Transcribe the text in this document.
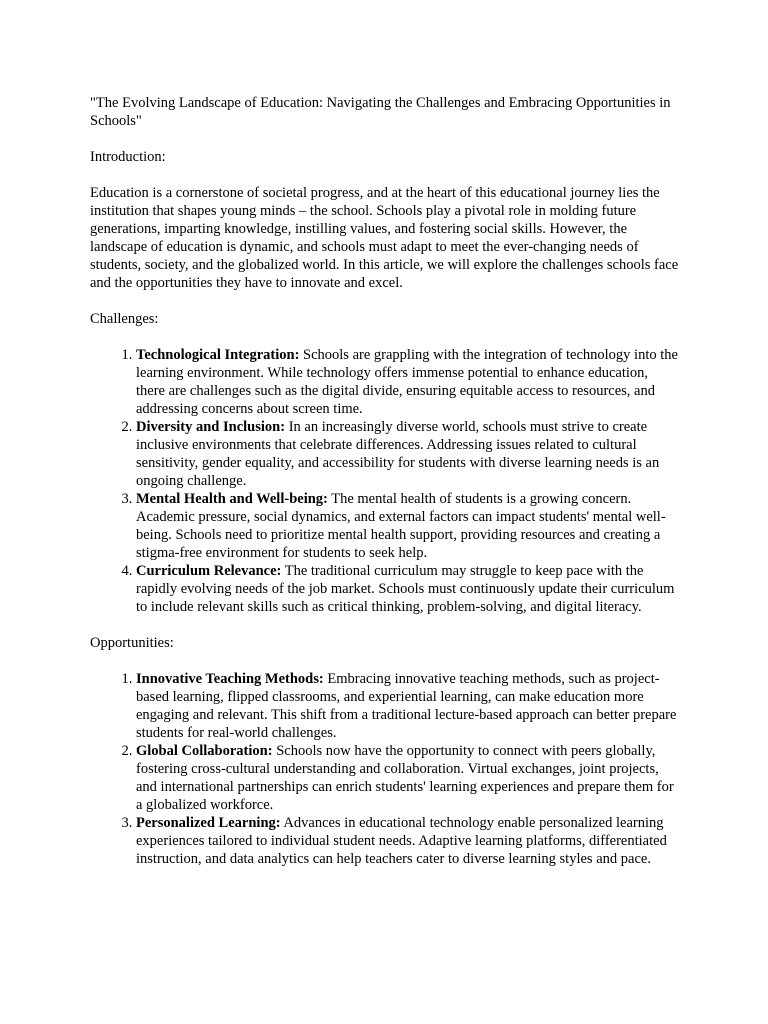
"The Evolving Landscape of Education: Navigating the Challenges and Embracing Opportunities in Schools"

Introduction:

Education is a cornerstone of societal progress, and at the heart of this educational journey lies the institution that shapes young minds – the school. Schools play a pivotal role in molding future generations, imparting knowledge, instilling values, and fostering social skills. However, the landscape of education is dynamic, and schools must adapt to meet the ever-changing needs of students, society, and the globalized world. In this article, we will explore the challenges schools face and the opportunities they have to innovate and excel.

Challenges:

1. Technological Integration: Schools are grappling with the integration of technology into the learning environment. While technology offers immense potential to enhance education, there are challenges such as the digital divide, ensuring equitable access to resources, and addressing concerns about screen time.
2. Diversity and Inclusion: In an increasingly diverse world, schools must strive to create inclusive environments that celebrate differences. Addressing issues related to cultural sensitivity, gender equality, and accessibility for students with diverse learning needs is an ongoing challenge.
3. Mental Health and Well-being: The mental health of students is a growing concern. Academic pressure, social dynamics, and external factors can impact students' mental well-being. Schools need to prioritize mental health support, providing resources and creating a stigma-free environment for students to seek help.
4. Curriculum Relevance: The traditional curriculum may struggle to keep pace with the rapidly evolving needs of the job market. Schools must continuously update their curriculum to include relevant skills such as critical thinking, problem-solving, and digital literacy.

Opportunities:

1. Innovative Teaching Methods: Embracing innovative teaching methods, such as project-based learning, flipped classrooms, and experiential learning, can make education more engaging and relevant. This shift from a traditional lecture-based approach can better prepare students for real-world challenges.
2. Global Collaboration: Schools now have the opportunity to connect with peers globally, fostering cross-cultural understanding and collaboration. Virtual exchanges, joint projects, and international partnerships can enrich students' learning experiences and prepare them for a globalized workforce.
3. Personalized Learning: Advances in educational technology enable personalized learning experiences tailored to individual student needs. Adaptive learning platforms, differentiated instruction, and data analytics can help teachers cater to diverse learning styles and pace.
